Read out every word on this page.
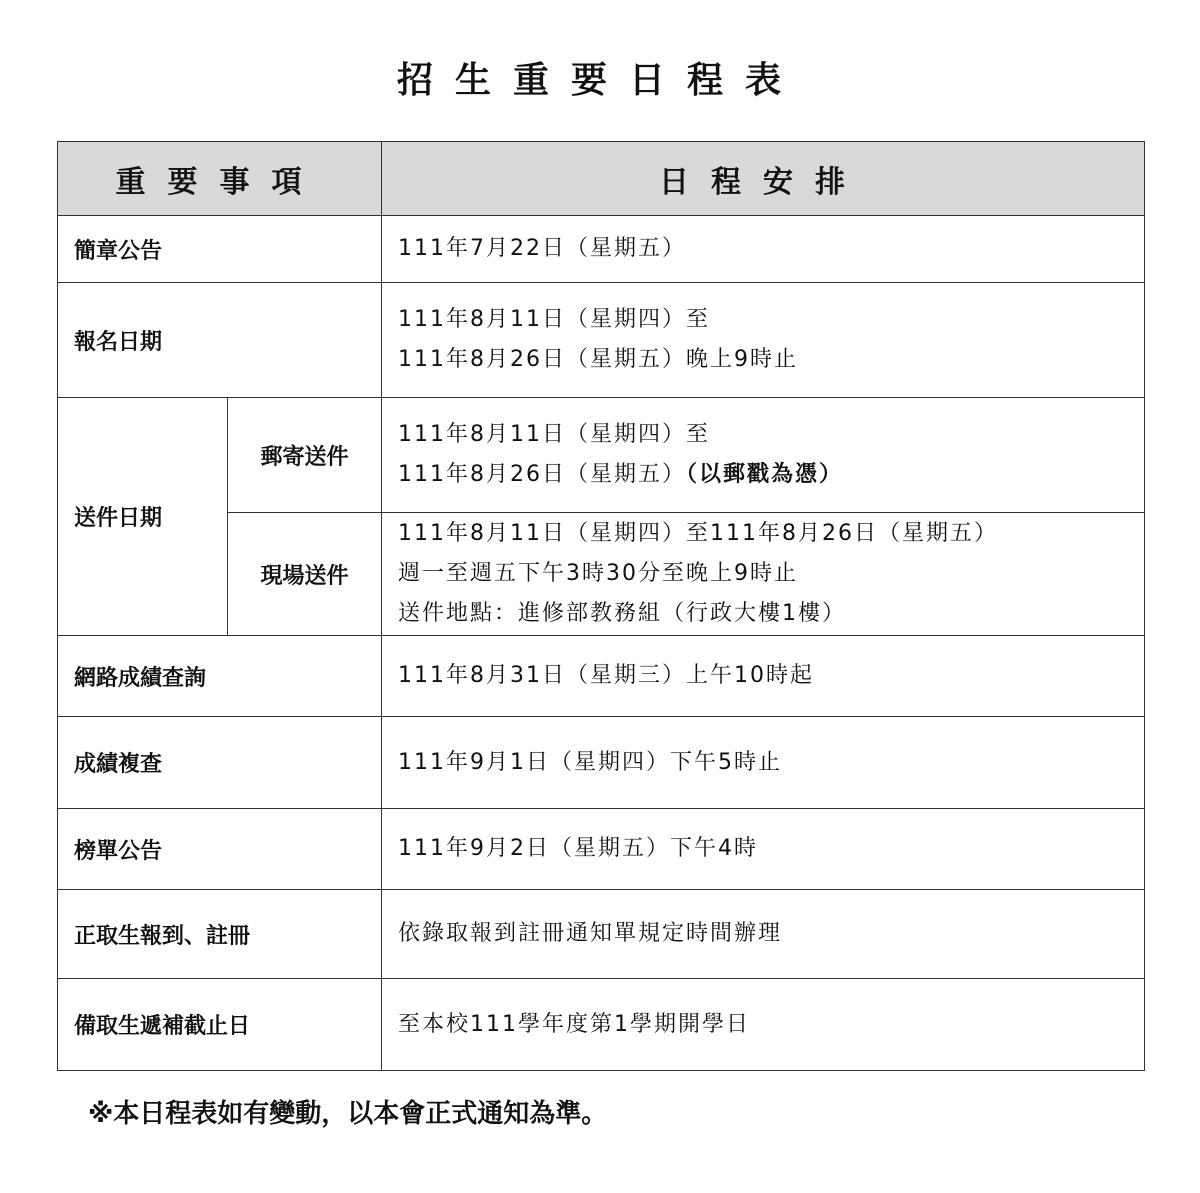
招生重要日程表
重要事項		日程安排
簡章公告		111年7月22日（星期五）
報名日期		111年8月11日（星期四）至
111年8月26日（星期五）晚上9時止

送件日期	郵寄送件	111年8月11日（星期四）至
111年8月26日（星期五）（以郵戳為憑）

	現場送件	111年8月11日（星期四）至111年8月26日（星期五）
週一至週五下午3時30分至晚上9時止
送件地點：進修部教務組（行政大樓1樓）

網路成績查詢		111年8月31日（星期三）上午10時起
成績複查		111年9月1日（星期四）下午5時止
榜單公告		111年9月2日（星期五）下午4時
正取生報到、註冊		依錄取報到註冊通知單規定時間辦理
備取生遞補截止日		至本校111學年度第1學期開學日
※本日程表如有變動，以本會正式通知為準。
